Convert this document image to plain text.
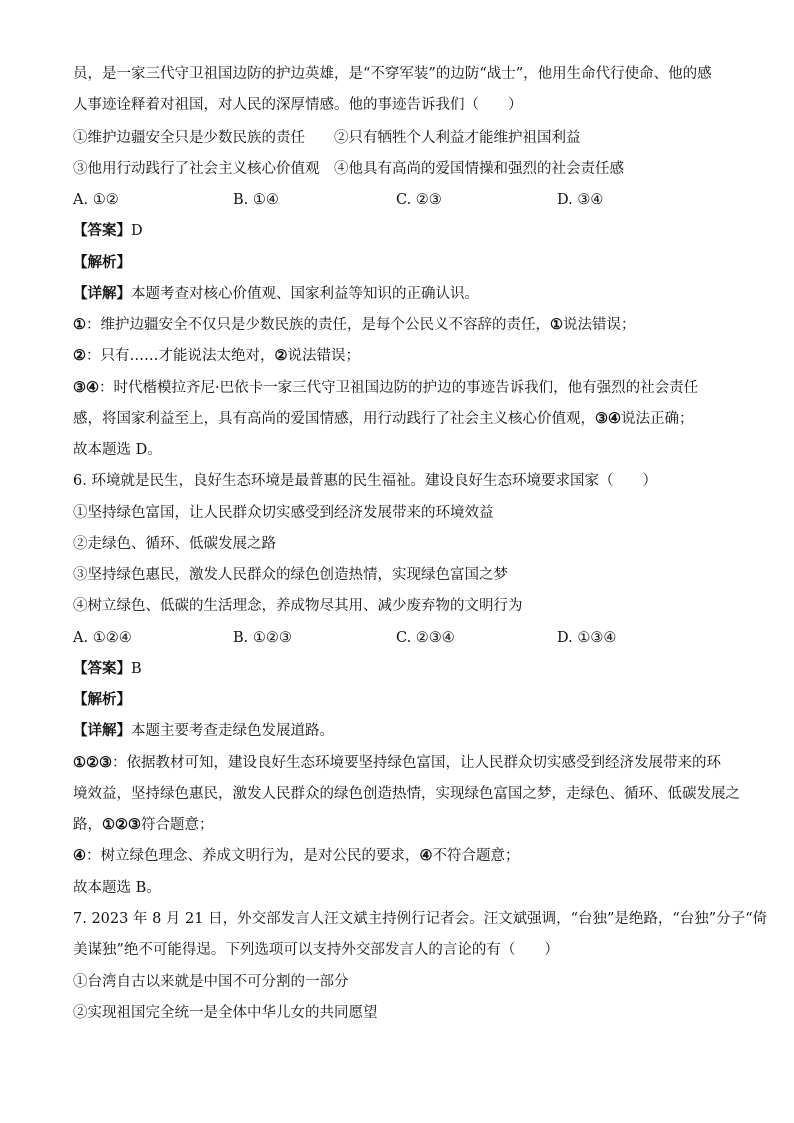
员，是一家三代守卫祖国边防的护边英雄，是“不穿军装”的边防“战士”，他用生命代行使命、他的感

人事迹诠释着对祖国，对人民的深厚情感。他的事迹告诉我们（　　）

①维护边疆安全只是少数民族的责任 ②只有牺牲个人利益才能维护祖国利益

③他用行动践行了社会主义核心价值观 ④他具有高尚的爱国情操和强烈的社会责任感

A. ①②	B. ①④	C. ②③	D. ③④

【答案】D

【解析】

【详解】本题考查对核心价值观、国家利益等知识的正确认识。

①：维护边疆安全不仅只是少数民族的责任，是每个公民义不容辞的责任，①说法错误；

②：只有……才能说法太绝对，②说法错误；

③④：时代楷模拉齐尼·巴依卡一家三代守卫祖国边防的护边的事迹告诉我们，他有强烈的社会责任

感，将国家利益至上，具有高尚的爱国情感，用行动践行了社会主义核心价值观，③④说法正确；

故本题选 D。

6. 环境就是民生，良好生态环境是最普惠的民生福祉。建设良好生态环境要求国家（　　）

①坚持绿色富国，让人民群众切实感受到经济发展带来的环境效益

②走绿色、循环、低碳发展之路

③坚持绿色惠民，激发人民群众的绿色创造热情，实现绿色富国之梦

④树立绿色、低碳的生活理念，养成物尽其用、减少废弃物的文明行为

A. ①②④	B. ①②③	C. ②③④	D. ①③④

【答案】B

【解析】

【详解】本题主要考查走绿色发展道路。

①②③：依据教材可知，建设良好生态环境要坚持绿色富国，让人民群众切实感受到经济发展带来的环

境效益，坚持绿色惠民，激发人民群众的绿色创造热情，实现绿色富国之梦，走绿色、循环、低碳发展之

路，①②③符合题意；

④：树立绿色理念、养成文明行为，是对公民的要求，④不符合题意；

故本题选 B。

7. 2023 年 8 月 21 日，外交部发言人汪文斌主持例行记者会。汪文斌强调，“台独”是绝路，“台独”分子“倚

美谋独”绝不可能得逞。下列选项可以支持外交部发言人的言论的有（　　）

①台湾自古以来就是中国不可分割的一部分

②实现祖国完全统一是全体中华儿女的共同愿望
